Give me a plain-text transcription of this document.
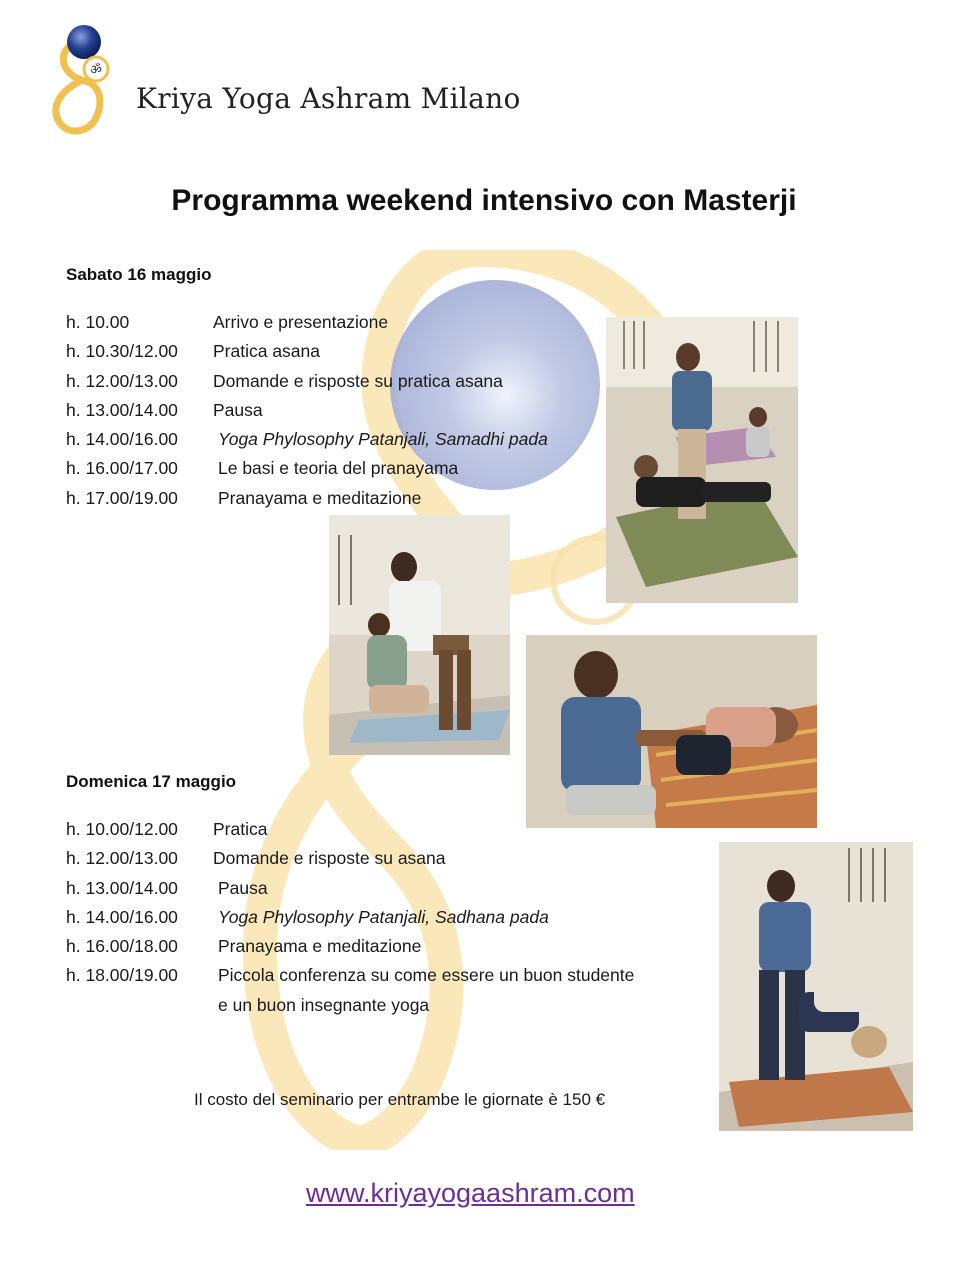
ॐ
Kriya Yoga Ashram Milano
Programma weekend intensivo con Masterji
Sabato 16 maggio
h. 10.00	Arrivo e presentazione
h. 10.30/12.00 Pratica asana
h. 12.00/13.00 Domande e risposte su pratica asana
h. 13.00/14.00 Pausa
h. 14.00/16.00 Yoga Phylosophy Patanjali, Samadhi pada
h. 16.00/17.00 Le basi e teoria del pranayama
h. 17.00/19.00 Pranayama e meditazione
Domenica 17 maggio
h. 10.00/12.00 Pratica
h. 12.00/13.00 Domande e risposte su asana
h. 13.00/14.00 Pausa
h. 14.00/16.00 Yoga Phylosophy Patanjali, Sadhana pada
h. 16.00/18.00 Pranayama e meditazione
h. 18.00/19.00 Piccola conferenza su come essere un buon studente
e un buon insegnante yoga
Il costo del seminario per entrambe le giornate è 150 €
www.kriyayogaashram.com
